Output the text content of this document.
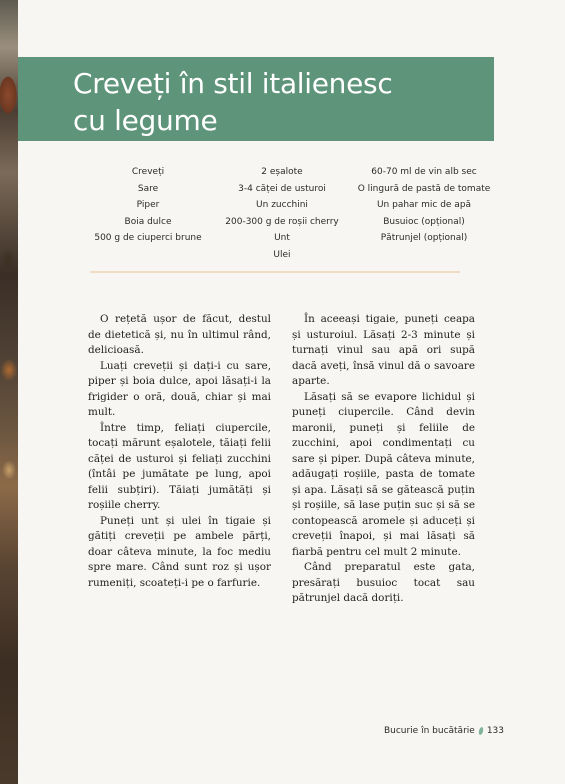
Creveți în stil italienesc
cu legume
Creveți
Sare
Piper
Boia dulce
500 g de ciuperci brune
2 eșalote
3-4 căței de usturoi
Un zucchini
200-300 g de roșii cherry
Unt
Ulei
60-70 ml de vin alb sec
O lingură de pastă de tomate
Un pahar mic de apă
Busuioc (opțional)
Pătrunjel (opțional)

O rețetă ușor de făcut, destul de dietetică și, nu în ultimul rând, delicioasă.

Luați creveții și dați-i cu sare, piper și boia dulce, apoi lăsați-i la frigider o oră, două, chiar și mai mult.

Între timp, feliați ciupercile, tocați mărunt eșalotele, tăiați felii căței de usturoi și feliați zucchini (întâi pe jumătate pe lung, apoi felii subțiri). Tăiați jumătăți și roșiile cherry.

Puneți unt și ulei în tigaie și gătiți creveții pe ambele părți, doar câteva minute, la foc mediu spre mare. Când sunt roz și ușor rumeniți, scoateți-i pe o farfurie.

În aceeași tigaie, puneți ceapa și usturoiul. Lăsați 2-3 minute și turnați vinul sau apă ori supă dacă aveți, însă vinul dă o savoare aparte.

Lăsați să se evapore lichidul și puneți ciupercile. Când devin maronii, puneți și feliile de zucchini, apoi condimentați cu sare și piper. După câteva minute, adăugați roșiile, pasta de tomate și apa. Lăsați să se gătească puțin și roșiile, să lase puțin suc și să se contopească aromele și aduceți și creveții înapoi, și mai lăsați să fiarbă pentru cel mult 2 minute.

Când preparatul este gata, presărați busuioc tocat sau pătrunjel dacă doriți.

Bucurie în bucătărie 133
